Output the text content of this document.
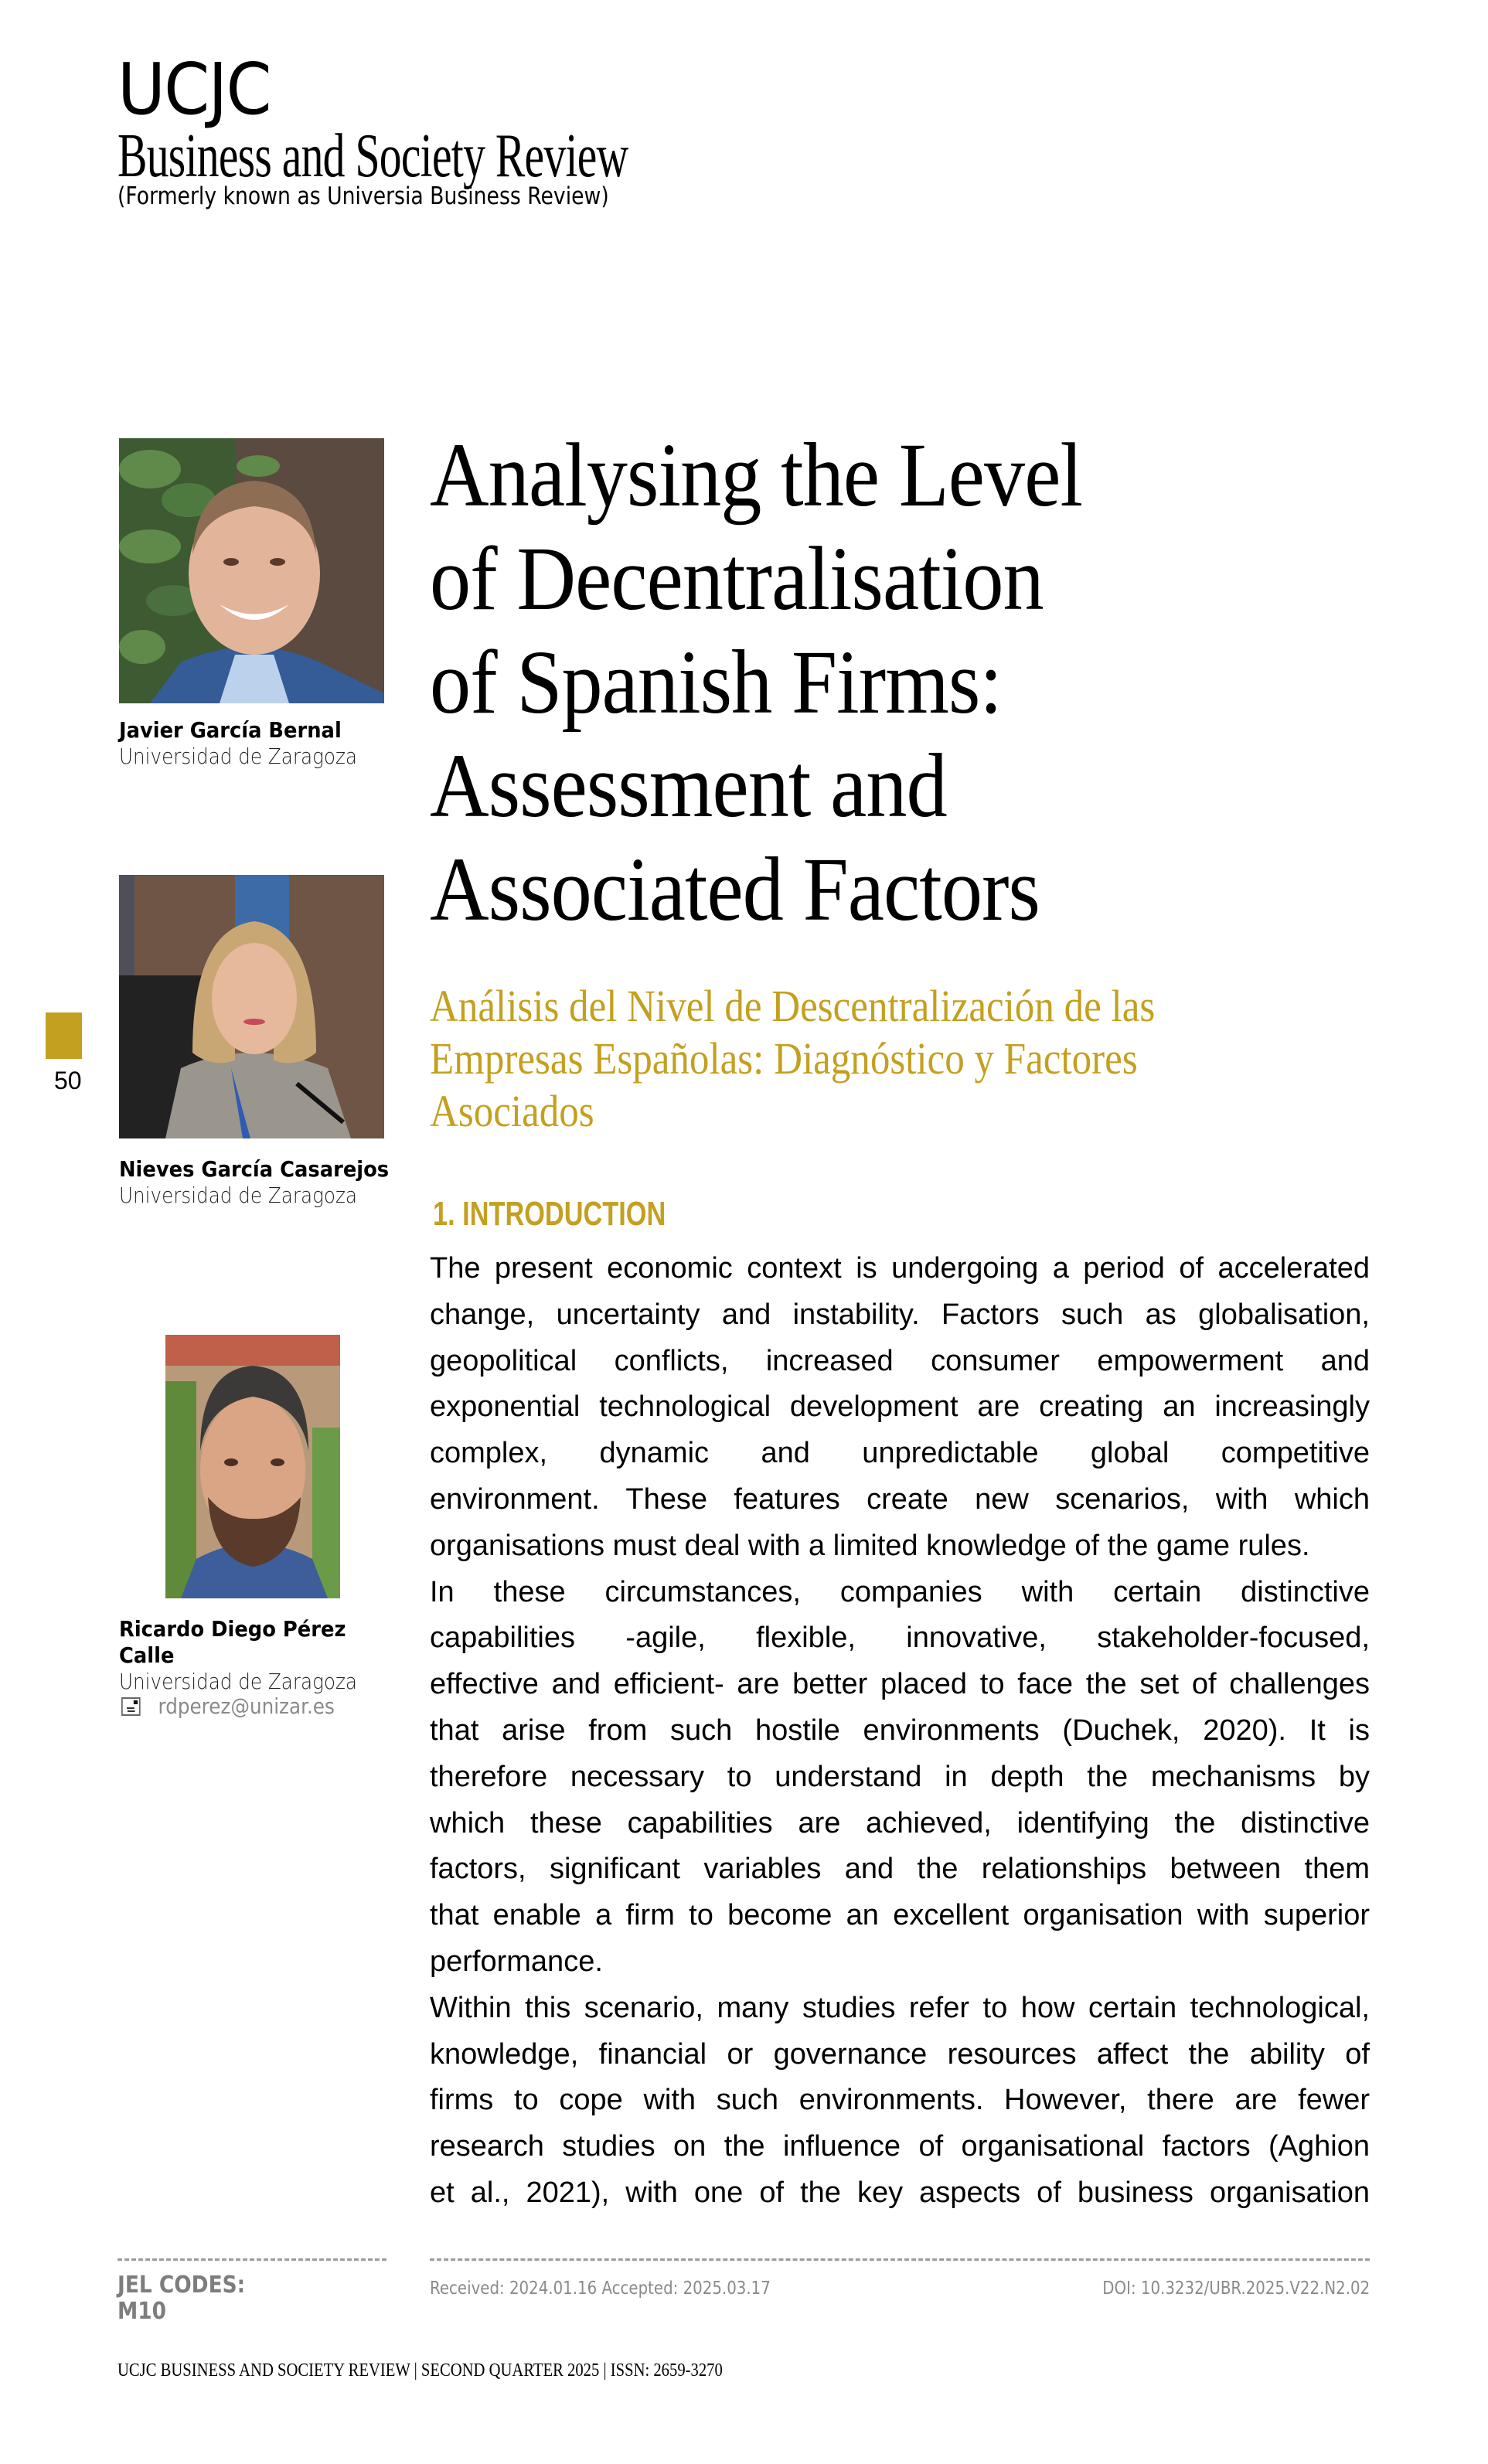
UCJC
Business and Society Review
(Formerly known as Universia Business Review)
50
Javier García Bernal
Universidad de Zaragoza
Nieves García Casarejos
Universidad de Zaragoza
Ricardo Diego Pérez
Calle
Universidad de Zaragoza
rdperez@unizar.es
Analysing the Level
of Decentralisation
of Spanish Firms:
Assessment and
Associated Factors
Análisis del Nivel de Descentralización de las
Empresas Españolas: Diagnóstico y Factores
Asociados
1. INTRODUCTION
The present economic context is undergoing a period of accelerated
change, uncertainty and instability. Factors such as globalisation,
geopolitical conflicts, increased consumer empowerment and
exponential technological development are creating an increasingly
complex, dynamic and unpredictable global competitive
environment. These features create new scenarios, with which
organisations must deal with a limited knowledge of the game rules.
In these circumstances, companies with certain distinctive
capabilities -agile, flexible, innovative, stakeholder-focused,
effective and efficient- are better placed to face the set of challenges
that arise from such hostile environments (Duchek, 2020). It is
therefore necessary to understand in depth the mechanisms by
which these capabilities are achieved, identifying the distinctive
factors, significant variables and the relationships between them
that enable a firm to become an excellent organisation with superior
performance.
Within this scenario, many studies refer to how certain technological,
knowledge, financial or governance resources affect the ability of
firms to cope with such environments. However, there are fewer
research studies on the influence of organisational factors (Aghion
et al., 2021), with one of the key aspects of business organisation
JEL CODES:
M10
Received: 2024.01.16 Accepted: 2025.03.17	DOI: 10.3232/UBR.2025.V22.N2.02
UCJC BUSINESS AND SOCIETY REVIEW | SECOND QUARTER 2025 | ISSN: 2659-3270
